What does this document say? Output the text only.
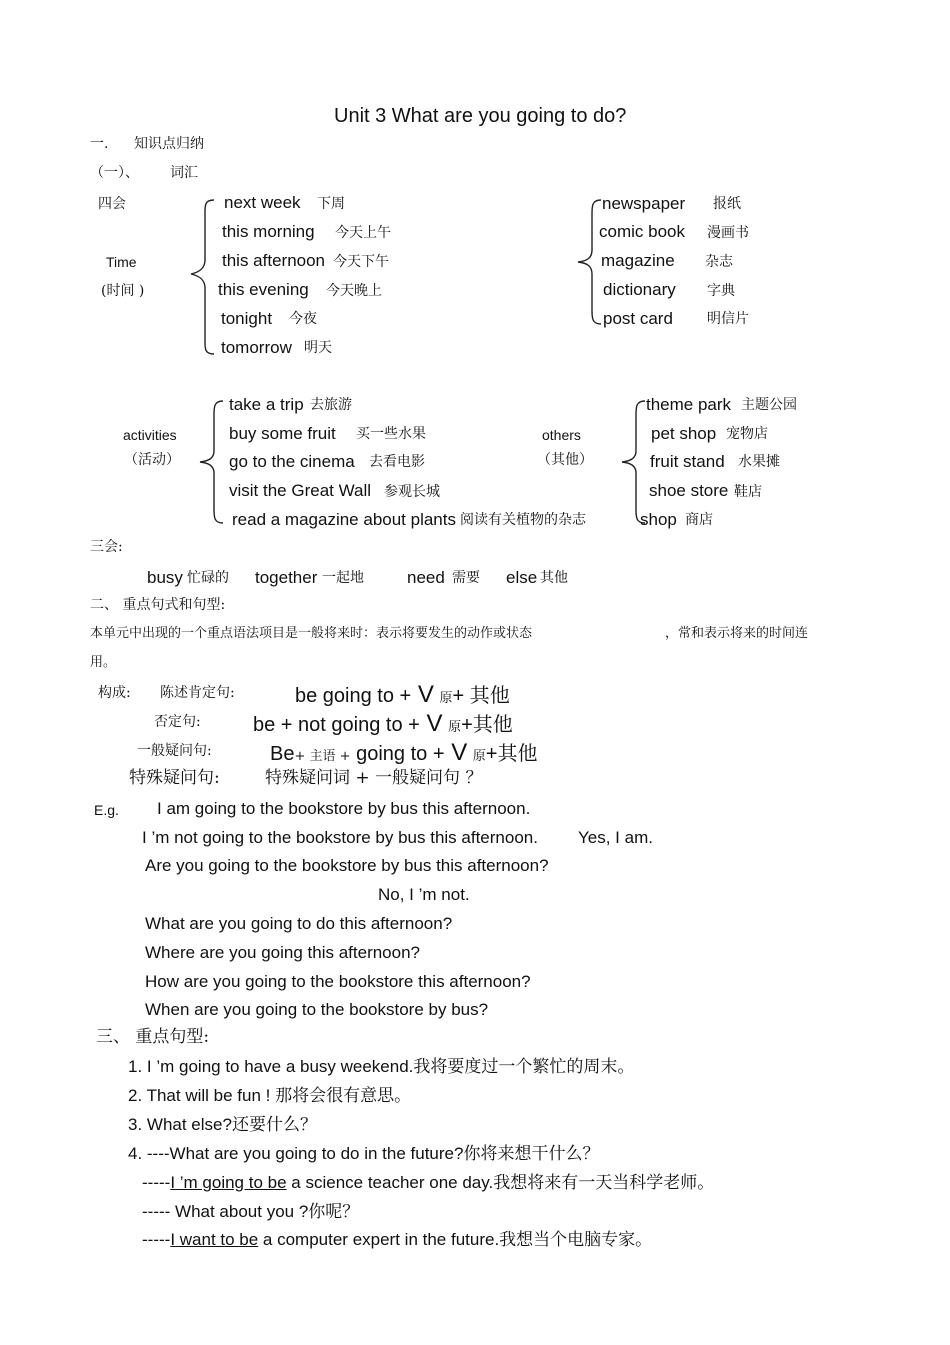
Unit 3 What are you going to do?
一. 知识点归纳
（一）、 词汇
四会
Time
(时间 )
next week 下周
this morning 今天上午
this afternoon 今天下午
this evening 今天晚上
tonight 今夜
tomorrow 明天
newspaper 报纸
comic book 漫画书
magazine 杂志
dictionary 字典
post card 明信片
activities
（活动）
take a trip 去旅游
buy some fruit 买一些水果
go to the cinema 去看电影
visit the Great Wall 参观长城
read a magazine about plants 阅读有关植物的杂志
others
（其他）
theme park 主题公园
pet shop 宠物店
fruit stand 水果摊
shoe store 鞋店
shop 商店
三会:
busy 忙碌的 together 一起地	need 需要 else 其他
二、 重点句式和句型:
本单元中出现的一个重点语法项目是一般将来时：表示将要发生的动作或状态	，常和表示将来的时间连
用。
构成: 陈述肯定句:	be going to + V 原+ 其他
否定句:	be + not going to + V 原+其他
一般疑问句:	Be+ 主语 + going to + V 原+其他
特殊疑问句:	特殊疑问词 + 一般疑问句 ？
E.g. I am going to the bookstore by bus this afternoon.
I ’m not going to the bookstore by bus this afternoon. Yes, I am.
Are you going to the bookstore by bus this afternoon?
No, I ’m not.
What are you going to do this afternoon?
Where are you going this afternoon?
How are you going to the bookstore this afternoon?
When are you going to the bookstore by bus?
三、 重点句型:
1. I ’m going to have a busy weekend.我将要度过一个繁忙的周末。
2. That will be fun ! 那将会很有意思。
3. What else?还要什么？
4. ----What are you going to do in the future?你将来想干什么？
-----I ’m going to be a science teacher one day.我想将来有一天当科学老师。
----- What about you ?你呢？
-----I want to be a computer expert in the future.我想当个电脑专家。
